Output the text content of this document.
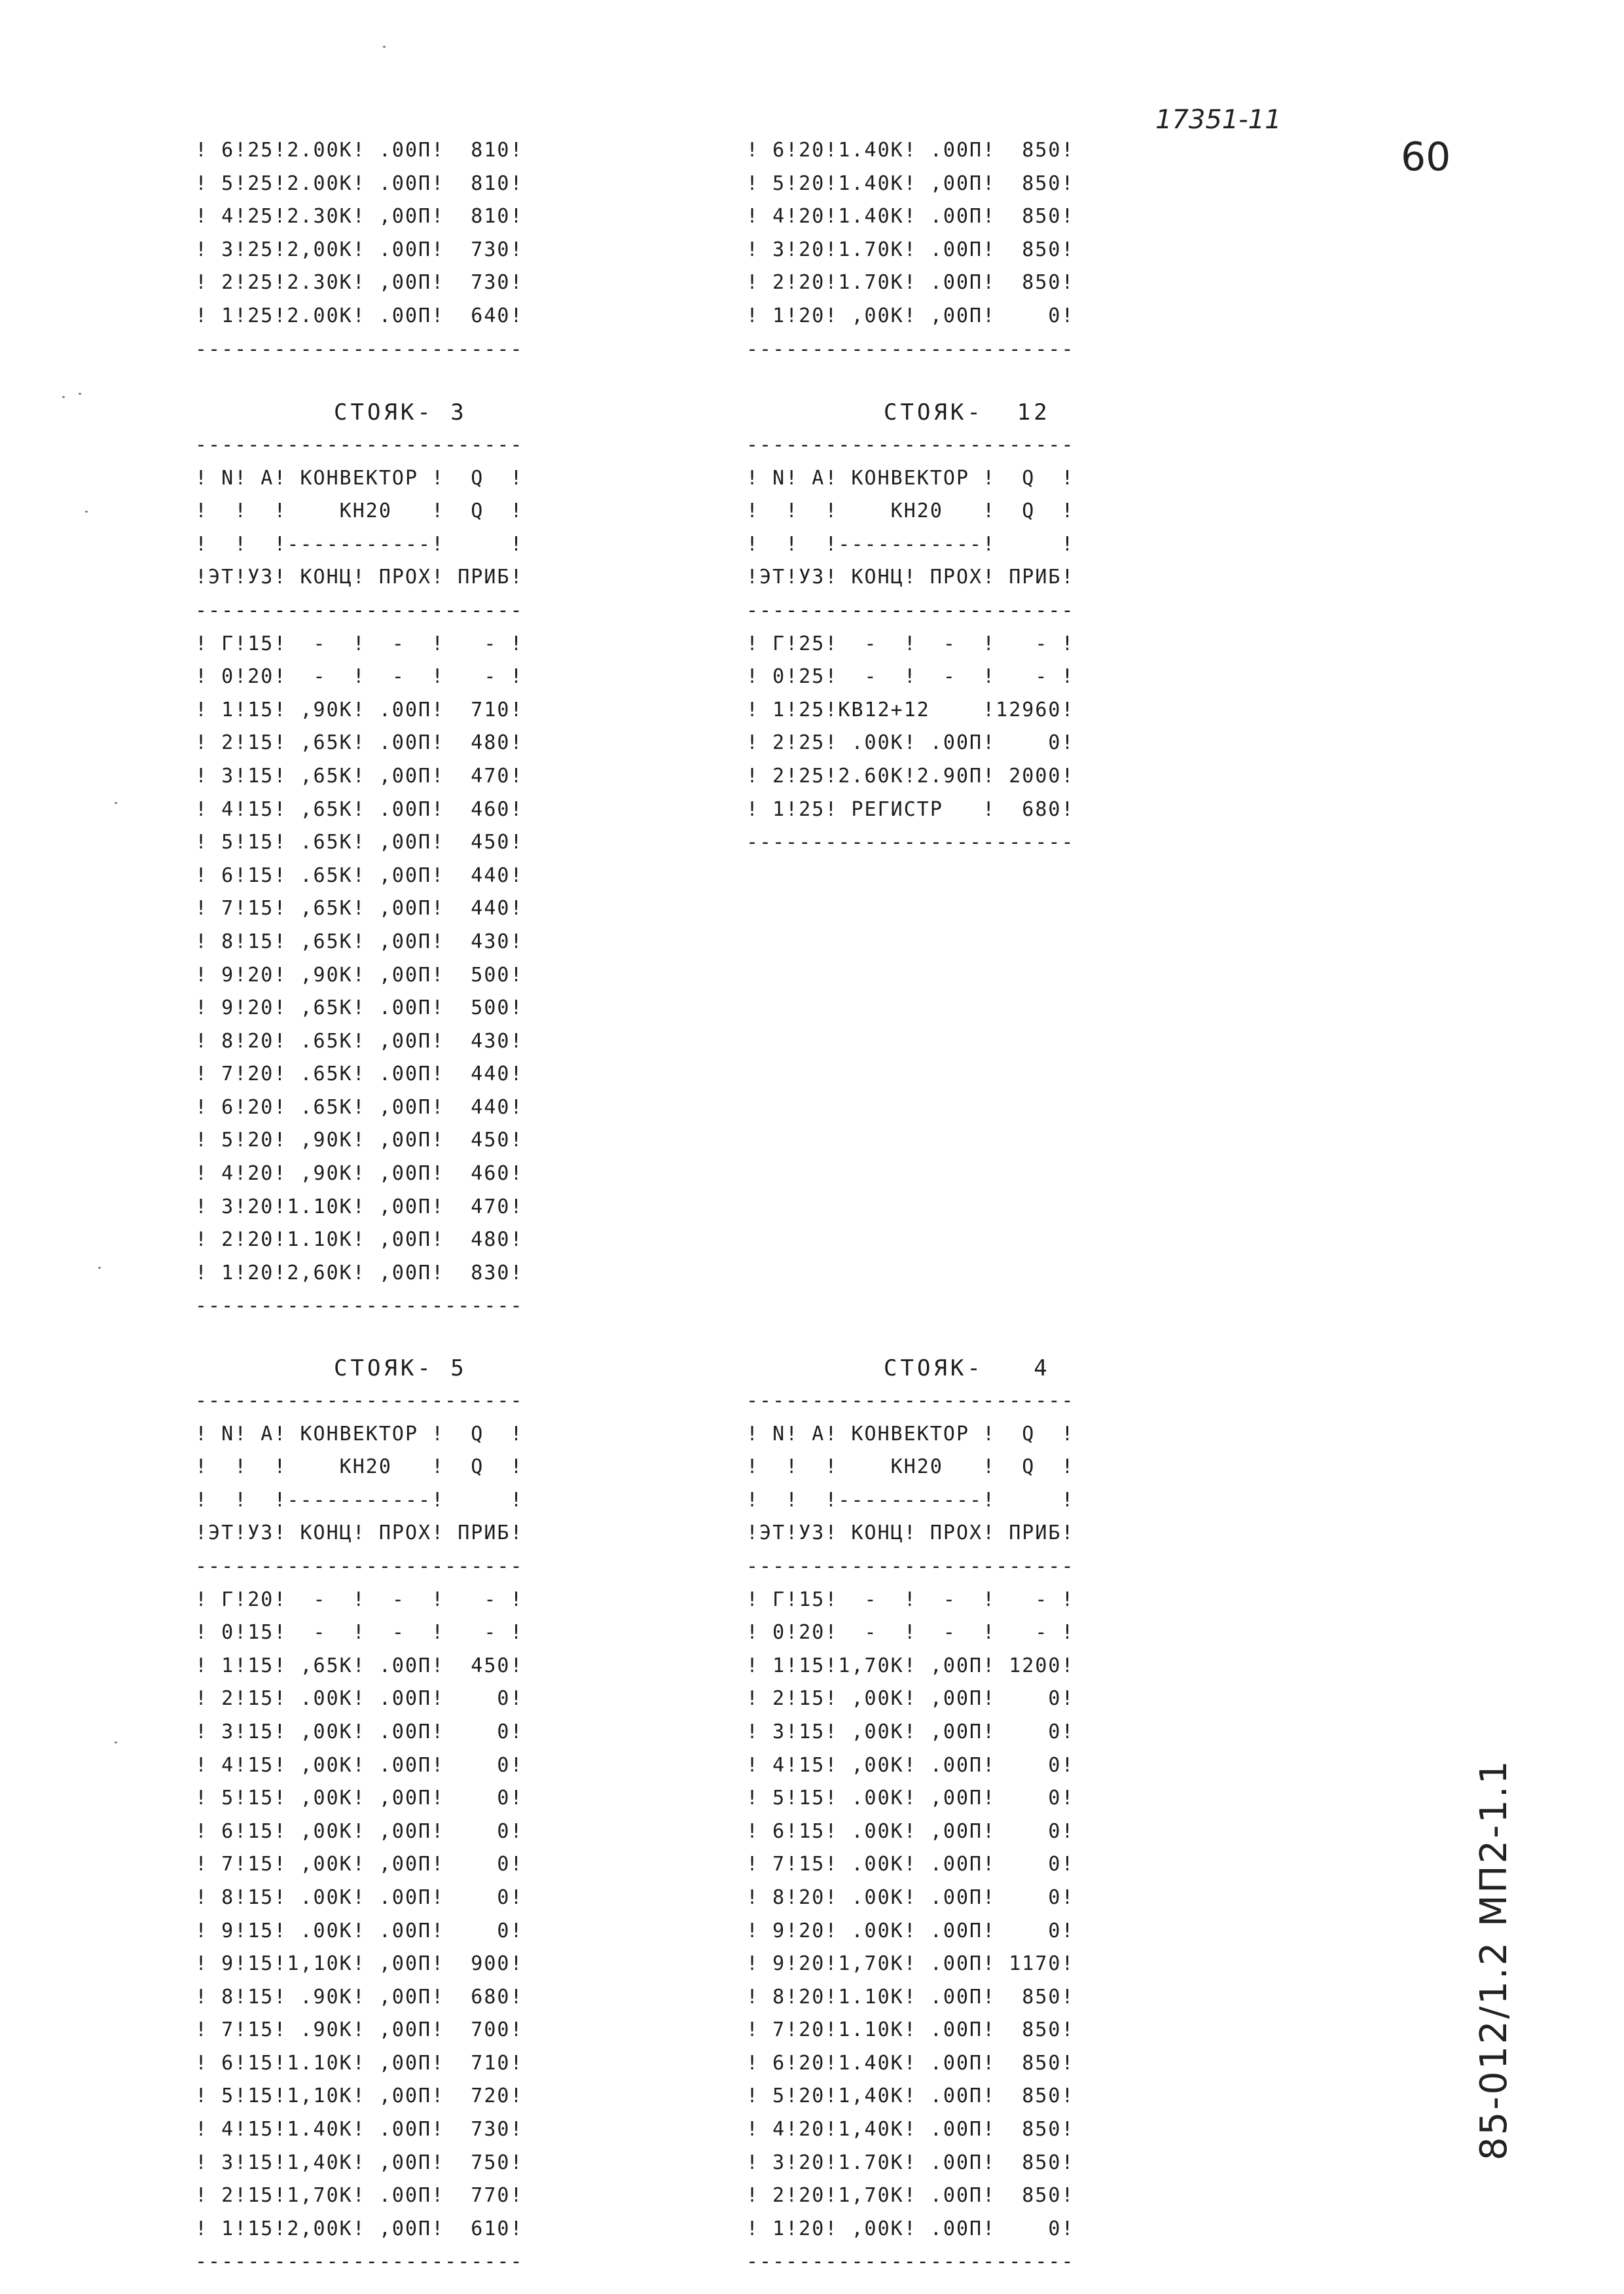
17351-11
60
85-012/1.2 МП2-1.1
! 6!25!2.00К! .00П!  810!
! 5!25!2.00К! .00П!  810!
! 4!25!2.30К! ,00П!  810!
! 3!25!2,00К! .00П!  730!
! 2!25!2.30К! ,00П!  730!
! 1!25!2.00К! .00П!  640!
-------------------------
! 6!20!1.40К! .00П!  850!
! 5!20!1.40К! ,00П!  850!
! 4!20!1.40К! .00П!  850!
! 3!20!1.70К! .00П!  850!
! 2!20!1.70К! .00П!  850!
! 1!20! ,00К! ,00П!    0!
-------------------------
СТОЯК- 3
-------------------------
! N! А! КОНВЕКТОР !  Q  !
!  !  !    КН20   !  Q  !
!  !  !-----------!     !
!ЭТ!УЗ! КОНЦ! ПРОХ! ПРИБ!
-------------------------
! Г!15!  -  !  -  !   - !
! 0!20!  -  !  -  !   - !
! 1!15! ,90К! .00П!  710!
! 2!15! ,65К! .00П!  480!
! 3!15! ,65К! ,00П!  470!
! 4!15! ,65К! .00П!  460!
! 5!15! .65К! ,00П!  450!
! 6!15! .65К! ,00П!  440!
! 7!15! ,65К! ,00П!  440!
! 8!15! ,65К! ,00П!  430!
! 9!20! ,90К! ,00П!  500!
! 9!20! ,65К! .00П!  500!
! 8!20! .65К! ,00П!  430!
! 7!20! .65К! .00П!  440!
! 6!20! .65К! ,00П!  440!
! 5!20! ,90К! ,00П!  450!
! 4!20! ,90К! ,00П!  460!
! 3!20!1.10К! ,00П!  470!
! 2!20!1.10К! ,00П!  480!
! 1!20!2,60К! ,00П!  830!
-------------------------
СТОЯК-  12
-------------------------
! N! А! КОНВЕКТОР !  Q  !
!  !  !    КН20   !  Q  !
!  !  !-----------!     !
!ЭТ!УЗ! КОНЦ! ПРОХ! ПРИБ!
-------------------------
! Г!25!  -  !  -  !   - !
! 0!25!  -  !  -  !   - !
! 1!25!КВ12+12    !12960!
! 2!25! .00К! .00П!    0!
! 2!25!2.60К!2.90П! 2000!
! 1!25! РЕГИСТР   !  680!
-------------------------
СТОЯК- 5
-------------------------
! N! А! КОНВЕКТОР !  Q  !
!  !  !    КН20   !  Q  !
!  !  !-----------!     !
!ЭТ!УЗ! КОНЦ! ПРОХ! ПРИБ!
-------------------------
! Г!20!  -  !  -  !   - !
! 0!15!  -  !  -  !   - !
! 1!15! ,65К! .00П!  450!
! 2!15! .00К! .00П!    0!
! 3!15! ,00К! .00П!    0!
! 4!15! ,00К! .00П!    0!
! 5!15! ,00К! ,00П!    0!
! 6!15! ,00К! ,00П!    0!
! 7!15! ,00К! ,00П!    0!
! 8!15! .00К! .00П!    0!
! 9!15! .00К! .00П!    0!
! 9!15!1,10К! ,00П!  900!
! 8!15! .90К! ,00П!  680!
! 7!15! .90К! ,00П!  700!
! 6!15!1.10К! ,00П!  710!
! 5!15!1,10К! ,00П!  720!
! 4!15!1.40К! .00П!  730!
! 3!15!1,40К! ,00П!  750!
! 2!15!1,70К! .00П!  770!
! 1!15!2,00К! ,00П!  610!
-------------------------
СТОЯК-   4
-------------------------
! N! А! КОНВЕКТОР !  Q  !
!  !  !    КН20   !  Q  !
!  !  !-----------!     !
!ЭТ!УЗ! КОНЦ! ПРОХ! ПРИБ!
-------------------------
! Г!15!  -  !  -  !   - !
! 0!20!  -  !  -  !   - !
! 1!15!1,70К! ,00П! 1200!
! 2!15! ,00К! ,00П!    0!
! 3!15! ,00К! ,00П!    0!
! 4!15! ,00К! .00П!    0!
! 5!15! .00К! ,00П!    0!
! 6!15! .00К! ,00П!    0!
! 7!15! .00К! .00П!    0!
! 8!20! .00К! .00П!    0!
! 9!20! .00К! .00П!    0!
! 9!20!1,70К! .00П! 1170!
! 8!20!1.10К! .00П!  850!
! 7!20!1.10К! .00П!  850!
! 6!20!1.40К! .00П!  850!
! 5!20!1,40К! .00П!  850!
! 4!20!1,40К! .00П!  850!
! 3!20!1.70К! .00П!  850!
! 2!20!1,70К! .00П!  850!
! 1!20! ,00К! .00П!    0!
-------------------------
